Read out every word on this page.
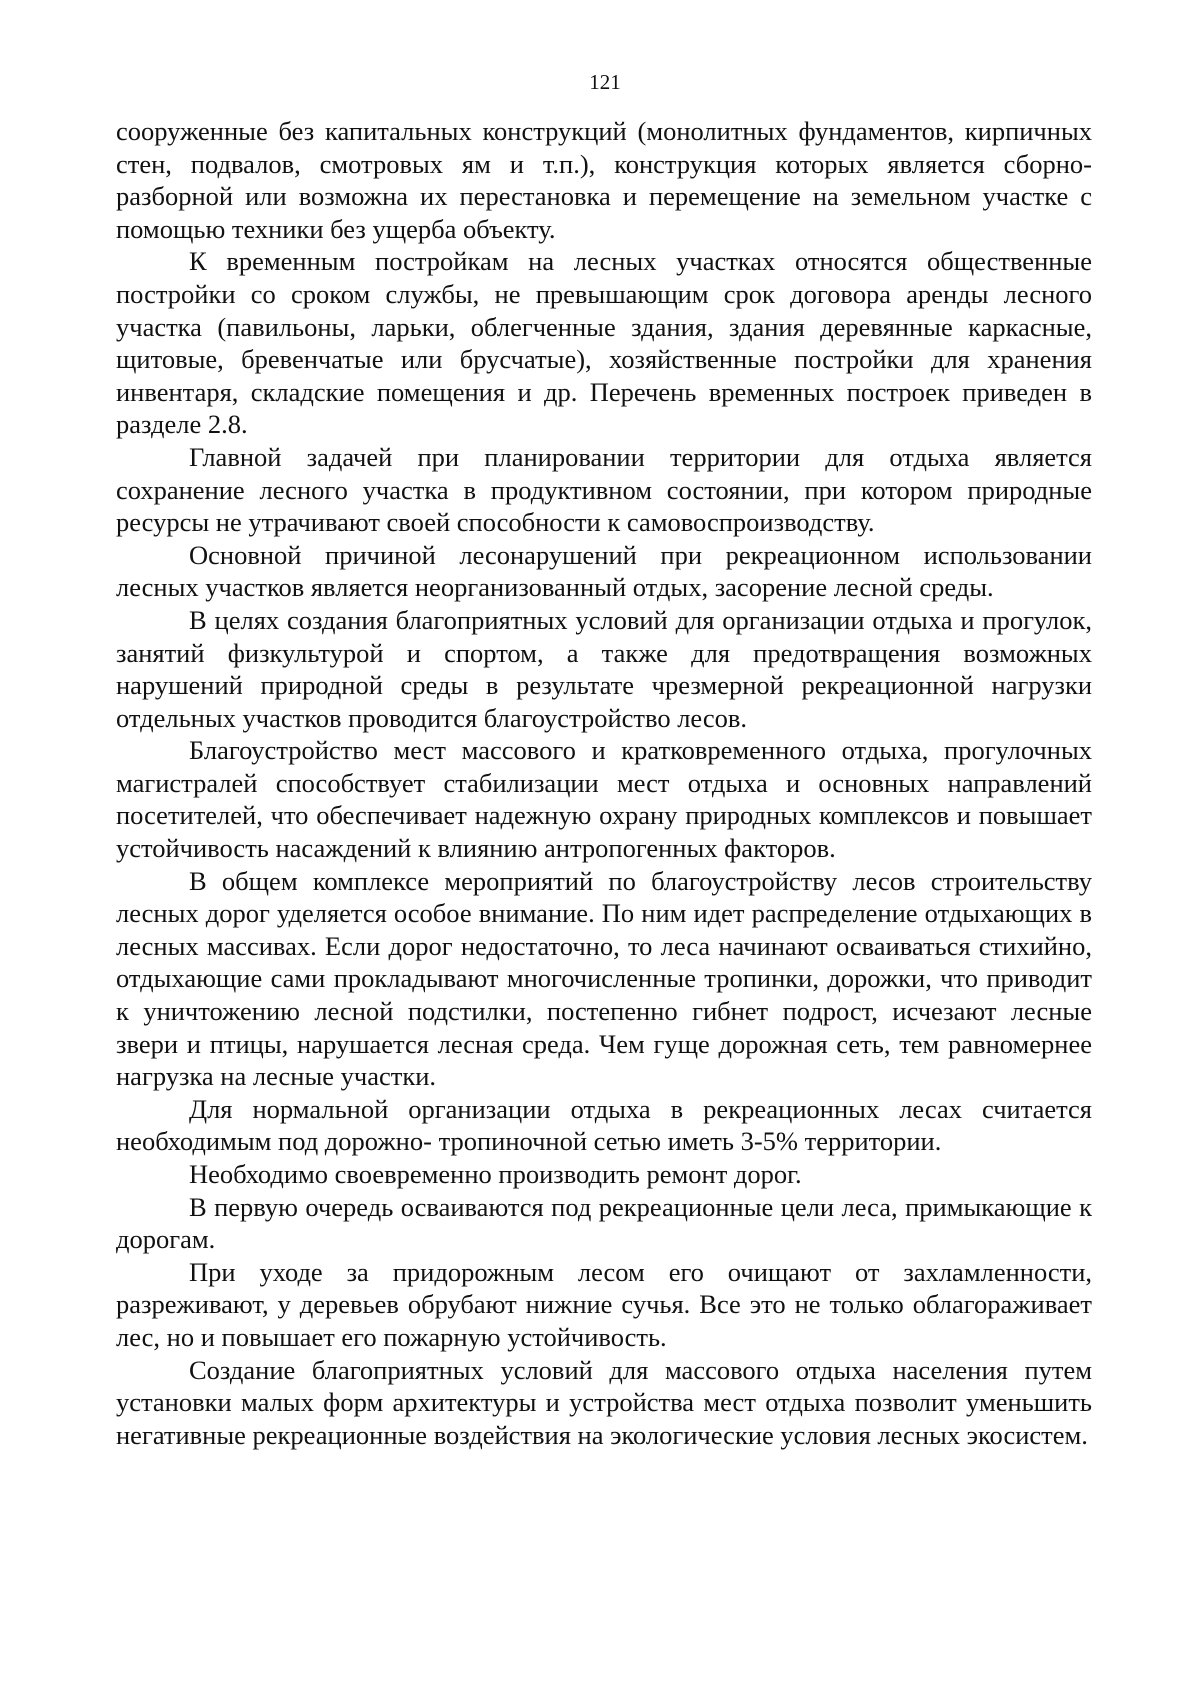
121

сооруженные без капитальных конструкций (монолитных фундаментов, кирпичных стен, подвалов, смотровых ям и т.п.), конструкция которых является сборно-разборной или возможна их перестановка и перемещение на земельном участке с помощью техники без ущерба объекту.

К временным постройкам на лесных участках относятся общественные постройки со сроком службы, не превышающим срок договора аренды лесного участка (павильоны, ларьки, облегченные здания, здания деревянные каркасные, щитовые, бревенчатые или брусчатые), хозяйственные постройки для хранения инвентаря, складские помещения и др. Перечень временных построек приведен в разделе 2.8.

Главной задачей при планировании территории для отдыха является сохранение лесного участка в продуктивном состоянии, при котором природные ресурсы не утрачивают своей способности к самовоспроизводству.

Основной причиной лесонарушений при рекреационном использовании лесных участков является неорганизованный отдых, засорение лесной среды.

В целях создания благоприятных условий для организации отдыха и прогулок, занятий физкультурой и спортом, а также для предотвращения возможных нарушений природной среды в результате чрезмерной рекреационной нагрузки отдельных участков проводится благоустройство лесов.

Благоустройство мест массового и кратковременного отдыха, прогулочных магистралей способствует стабилизации мест отдыха и основных направлений посетителей, что обеспечивает надежную охрану природных комплексов и повышает устойчивость насаждений к влиянию антропогенных факторов.

В общем комплексе мероприятий по благоустройству лесов строительству лесных дорог уделяется особое внимание. По ним идет распределение отдыхающих в лесных массивах. Если дорог недостаточно, то леса начинают осваиваться стихийно, отдыхающие сами прокладывают многочисленные тропинки, дорожки, что приводит к уничтожению лесной подстилки, постепенно гибнет подрост, исчезают лесные звери и птицы, нарушается лесная среда. Чем гуще дорожная сеть, тем равномернее нагрузка на лесные участки.

Для нормальной организации отдыха в рекреационных лесах считается необходимым под дорожно- тропиночной сетью иметь 3-5% территории.

Необходимо своевременно производить ремонт дорог.

В первую очередь осваиваются под рекреационные цели леса, примыкающие к дорогам.

При уходе за придорожным лесом его очищают от захламленности, разреживают, у деревьев обрубают нижние сучья. Все это не только облагораживает лес, но и повышает его пожарную устойчивость.

Создание благоприятных условий для массового отдыха населения путем установки малых форм архитектуры и устройства мест отдыха позволит уменьшить негативные рекреационные воздействия на экологические условия лесных экосистем.
